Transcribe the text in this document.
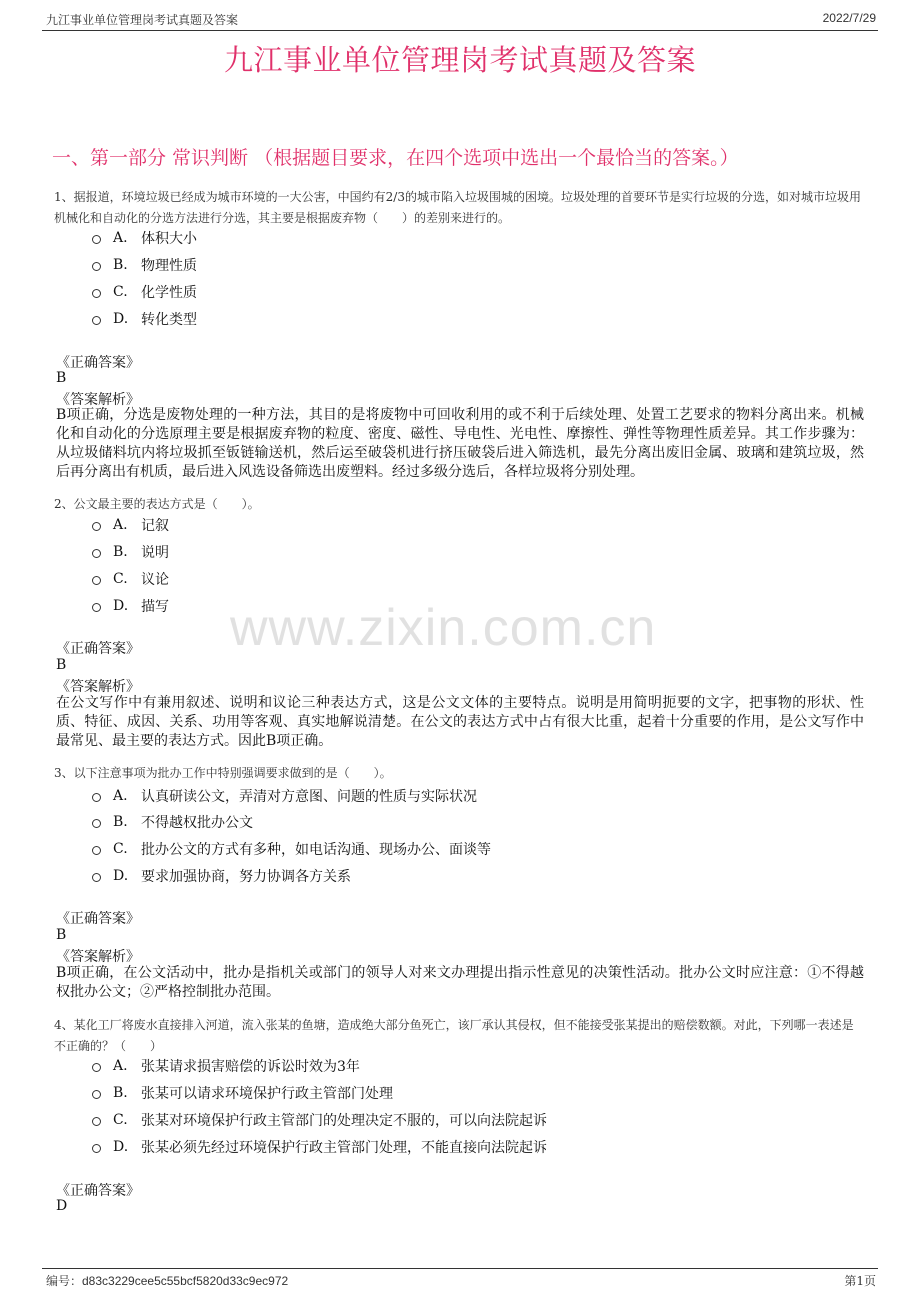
九江事业单位管理岗考试真题及答案	2022/7/29
九江事业单位管理岗考试真题及答案
一、第一部分 常识判断 （根据题目要求，在四个选项中选出一个最恰当的答案。）
www.zixin.com.cn
1、据报道，环境垃圾已经成为城市环境的一大公害，中国约有2/3的城市陷入垃圾围城的困境。垃圾处理的首要环节是实行垃圾的分选，如对城市垃圾用机械化和自动化的分选方法进行分选，其主要是根据废弃物（　　）的差别来进行的。
A. 体积大小
B. 物理性质
C. 化学性质
D. 转化类型
《正确答案》
B
《答案解析》
B项正确，分选是废物处理的一种方法，其目的是将废物中可回收利用的或不利于后续处理、处置工艺要求的物料分离出来。机械化和自动化的分选原理主要是根据废弃物的粒度、密度、磁性、导电性、光电性、摩擦性、弹性等物理性质差异。其工作步骤为：从垃圾储料坑内将垃圾抓至钣链输送机，然后运至破袋机进行挤压破袋后进入筛选机，最先分离出废旧金属、玻璃和建筑垃圾，然后再分离出有机质，最后进入风选设备筛选出废塑料。经过多级分选后，各样垃圾将分别处理。
2、公文最主要的表达方式是（　　）。
A. 记叙
B. 说明
C. 议论
D. 描写
《正确答案》
B
《答案解析》
在公文写作中有兼用叙述、说明和议论三种表达方式，这是公文文体的主要特点。说明是用简明扼要的文字，把事物的形状、性质、特征、成因、关系、功用等客观、真实地解说清楚。在公文的表达方式中占有很大比重，起着十分重要的作用，是公文写作中最常见、最主要的表达方式。因此B项正确。
3、以下注意事项为批办工作中特别强调要求做到的是（　　）。
A. 认真研读公文，弄清对方意图、问题的性质与实际状况
B. 不得越权批办公文
C. 批办公文的方式有多种，如电话沟通、现场办公、面谈等
D. 要求加强协商，努力协调各方关系
《正确答案》
B
《答案解析》
B项正确，在公文活动中，批办是指机关或部门的领导人对来文办理提出指示性意见的决策性活动。批办公文时应注意：①不得越权批办公文；②严格控制批办范围。
4、某化工厂将废水直接排入河道，流入张某的鱼塘，造成绝大部分鱼死亡，该厂承认其侵权，但不能接受张某提出的赔偿数额。对此，下列哪一表述是不正确的？（　　）
A. 张某请求损害赔偿的诉讼时效为3年
B. 张某可以请求环境保护行政主管部门处理
C. 张某对环境保护行政主管部门的处理决定不服的，可以向法院起诉
D. 张某必须先经过环境保护行政主管部门处理，不能直接向法院起诉
《正确答案》
D
编号：d83c3229cee5c55bcf5820d33c9ec972	第1页
